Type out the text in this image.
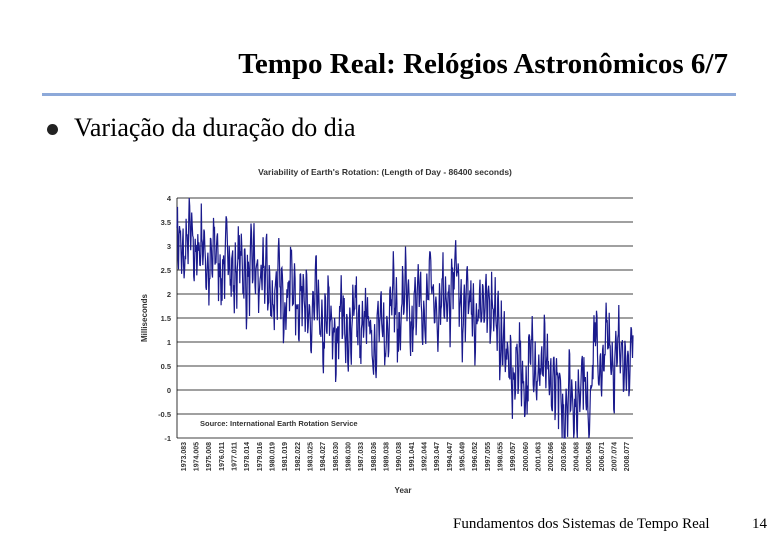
Tempo Real: Relógios Astronômicos 6/7
Variação da duração do dia
Variability of Earth's Rotation: (Length of Day - 86400 seconds)
4
3.5
3
2.5
2
1.5
1
0.5
0
-0.5
-1
1973.083 1974.005 1975.008 1976.011 1977.011 1978.014 1979.016 1980.019 1981.019 1982.022 1983.025 1984.027 1985.030 1986.030 1987.033 1988.036 1989.038 1990.038 1991.041 1992.044 1993.047 1994.047 1995.049 1996.052 1997.055 1998.055 1999.057 2000.060 2001.063 2002.066 2003.066 2004.068 2005.068 2006.071 2007.074 2008.077
Source: International Earth Rotation Service
Milliseconds
Year
Fundamentos dos Sistemas de Tempo Real	14
